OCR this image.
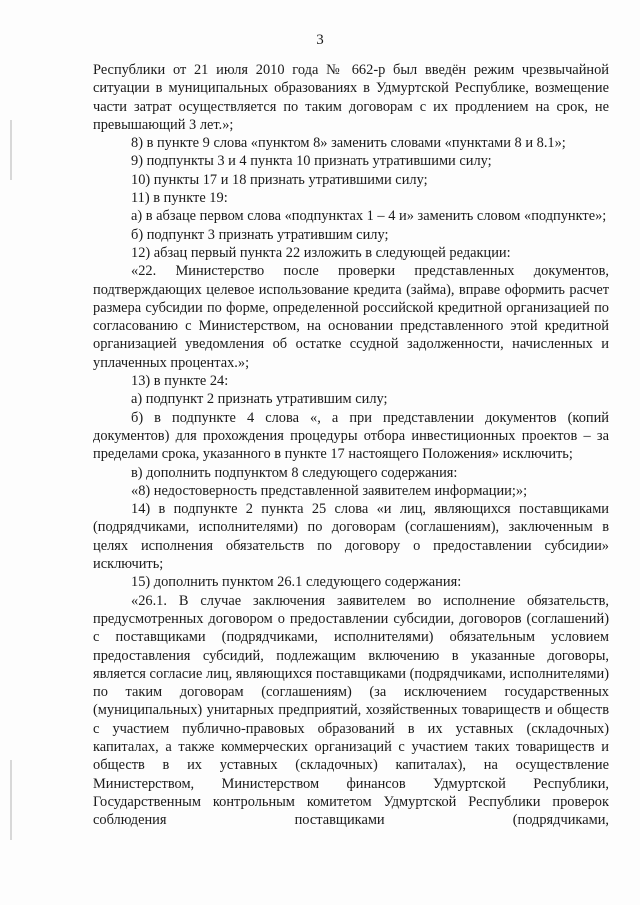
3

Республики от 21 июля 2010 года № 662-р был введён режим чрезвычайной ситуации в муниципальных образованиях в Удмуртской Республике, возмещение части затрат осуществляется по таким договорам с их продлением на срок, не превышающий 3 лет.»;

8) в пункте 9 слова «пунктом 8» заменить словами «пунктами 8 и 8.1»;

9) подпункты 3 и 4 пункта 10 признать утратившими силу;

10) пункты 17 и 18 признать утратившими силу;

11) в пункте 19:

а) в абзаце первом слова «подпунктах 1 – 4 и» заменить словом «подпункте»;

б) подпункт 3 признать утратившим силу;

12) абзац первый пункта 22 изложить в следующей редакции:

«22. Министерство после проверки представленных документов, подтверждающих целевое использование кредита (займа), вправе оформить расчет размера субсидии по форме, определенной российской кредитной организацией по согласованию с Министерством, на основании представленного этой кредитной организацией уведомления об остатке ссудной задолженности, начисленных и уплаченных процентах.»;

13) в пункте 24:

а) подпункт 2 признать утратившим силу;

б) в подпункте 4 слова «, а при представлении документов (копий документов) для прохождения процедуры отбора инвестиционных проектов – за пределами срока, указанного в пункте 17 настоящего Положения» исключить;

в) дополнить подпунктом 8 следующего содержания:

«8) недостоверность представленной заявителем информации;»;

14) в подпункте 2 пункта 25 слова «и лиц, являющихся поставщиками (подрядчиками, исполнителями) по договорам (соглашениям), заключенным в целях исполнения обязательств по договору о предоставлении субсидии» исключить;

15) дополнить пунктом 26.1 следующего содержания:

«26.1. В случае заключения заявителем во исполнение обязательств, предусмотренных договором о предоставлении субсидии, договоров (соглашений) с поставщиками (подрядчиками, исполнителями) обязательным условием предоставления субсидий, подлежащим включению в указанные договоры, является согласие лиц, являющихся поставщиками (подрядчиками, исполнителями) по таким договорам (соглашениям) (за исключением государственных (муниципальных) унитарных предприятий, хозяйственных товариществ и обществ с участием публично-правовых образований в их уставных (складочных) капиталах, а также коммерческих организаций с участием таких товариществ и обществ в их уставных (складочных) капиталах), на осуществление Министерством, Министерством финансов Удмуртской Республики, Государственным контрольным комитетом Удмуртской Республики проверок соблюдения поставщиками (подрядчиками,
